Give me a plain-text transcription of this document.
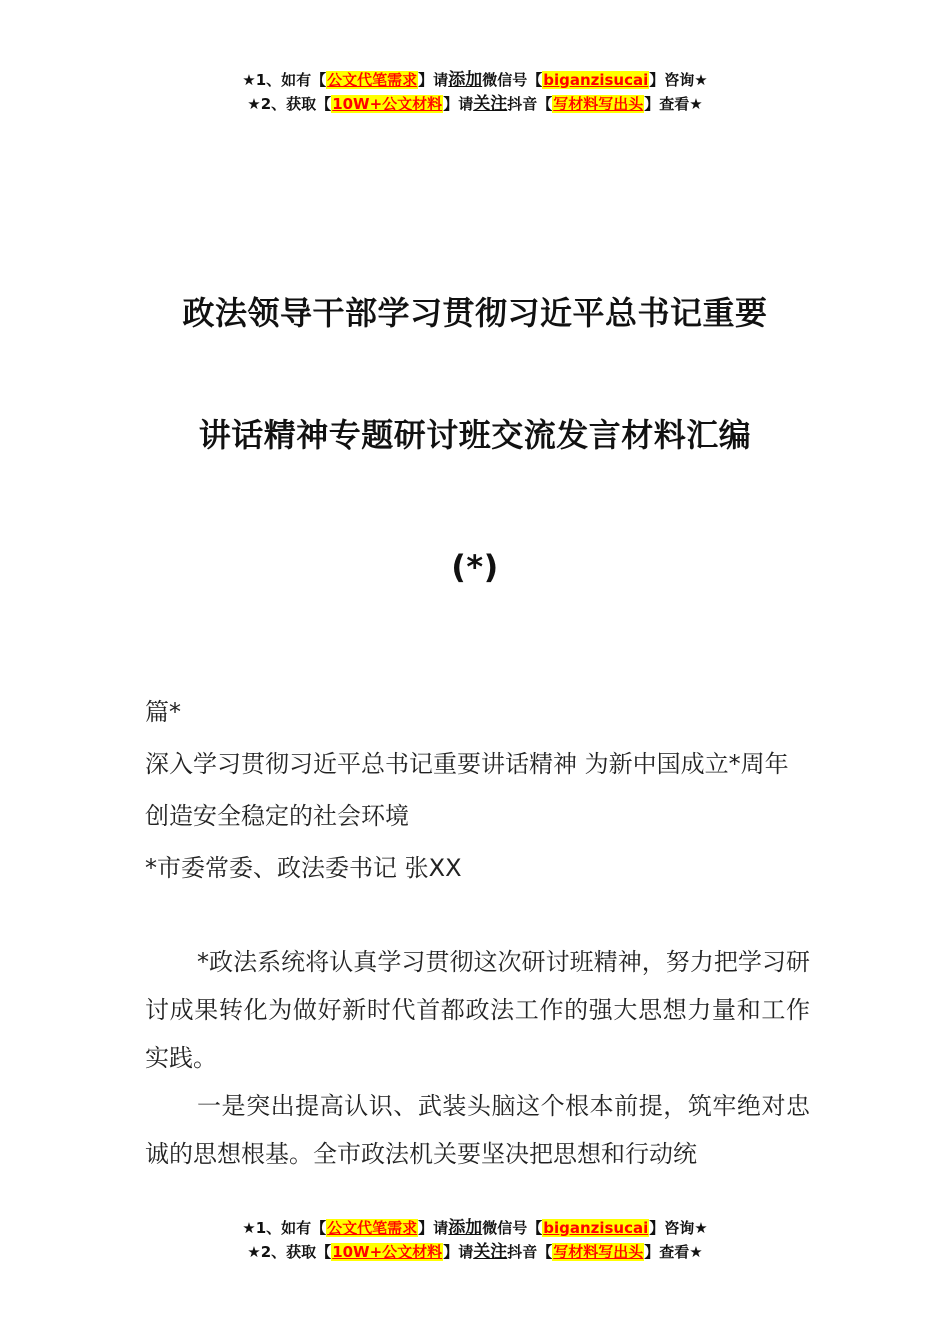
★1、如有【公文代笔需求】请添加微信号【biganzisucai】咨询★
★2、获取【10W+公文材料】请关注抖音【写材料写出头】查看★
政法领导干部学习贯彻习近平总书记重要
讲话精神专题研讨班交流发言材料汇编
(*)
篇*
深入学习贯彻习近平总书记重要讲话精神 为新中国成立*周年创造安全稳定的社会环境
*市委常委、政法委书记 张XX

*政法系统将认真学习贯彻这次研讨班精神，努力把学习研讨成果转化为做好新时代首都政法工作的强大思想力量和工作实践。

一是突出提高认识、武装头脑这个根本前提，筑牢绝对忠诚的思想根基。全市政法机关要坚决把思想和行动统

★1、如有【公文代笔需求】请添加微信号【biganzisucai】咨询★
★2、获取【10W+公文材料】请关注抖音【写材料写出头】查看★
